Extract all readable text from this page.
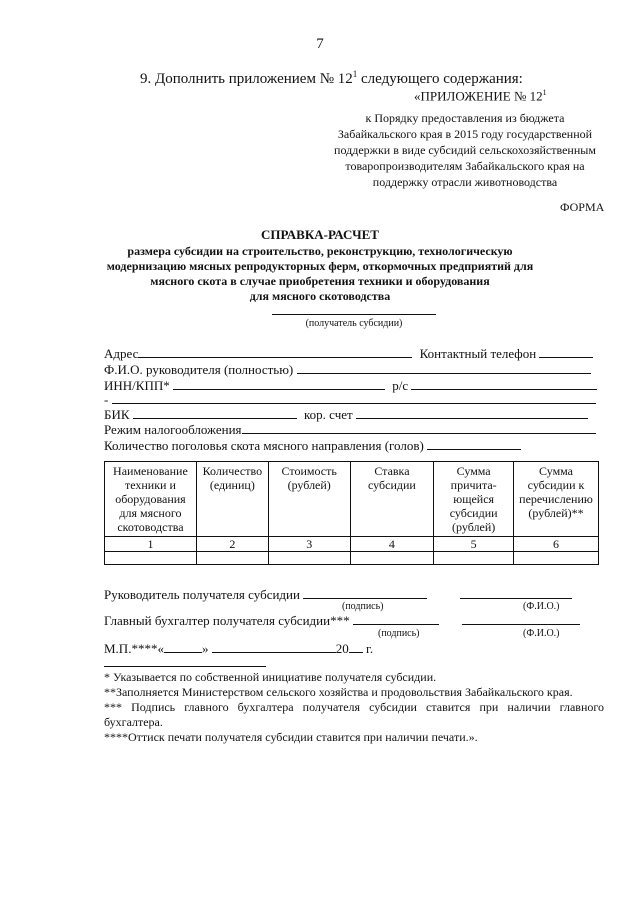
7
9. Дополнить приложением № $12^1$ следующего содержания:
«ПРИЛОЖЕНИЕ № $12^1$
к Порядку предоставления из бюджета
Забайкальского края в 2015 году государственной
поддержки в виде субсидий сельскохозяйственным
товаропроизводителям Забайкальского края на
поддержку отрасли животноводства
ФОРМА
СПРАВКА-РАСЧЕТ
размера субсидии на строительство, реконструкцию, технологическую
модернизацию мясных репродукторных ферм, откормочных предприятий для
мясного скота в случае приобретения техники и оборудования
для мясного скотоводства
(получатель субсидии)
Адрес	Контактный телефон
Ф.И.О. руководителя (полностью)
ИНН/КПП*	р/с
-
БИК	кор. счет
Режим налогообложения
Количество поголовья скота мясного направления (голов)
Наименование техники и оборудования для мясного скотоводства	Количество (единиц)	Стоимость (рублей)	Ставка субсидии	Сумма причита-ющейся субсидии (рублей)	Сумма субсидии к перечислению (рублей)**
1	2	3	4	5	6

Руководитель получателя субсидии
(подпись)	(Ф.И.О.)
Главный бухгалтер получателя субсидии***
(подпись)	(Ф.И.О.)
М.П.****«	»	20 г.
* Указывается по собственной инициативе получателя субсидии.
**Заполняется Министерством сельского хозяйства и продовольствия Забайкальского края.
*** Подпись главного бухгалтера получателя субсидии ставится при наличии главного бухгалтера.
****Оттиск печати получателя субсидии ставится при наличии печати.».
